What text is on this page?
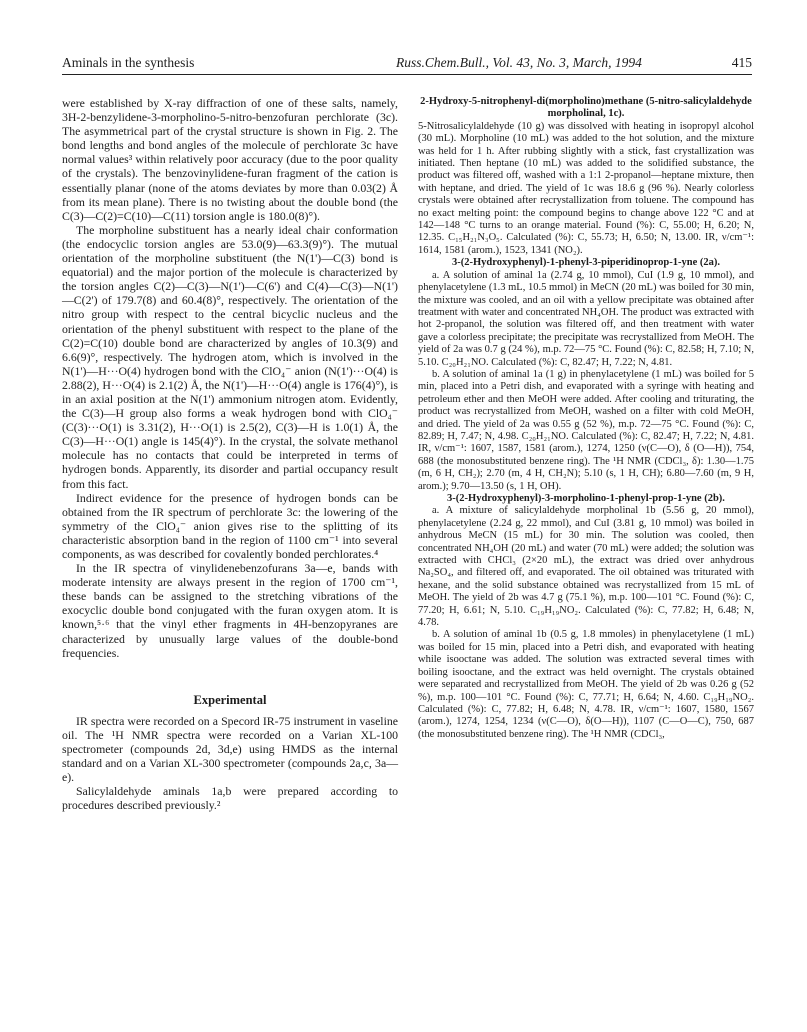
Aminals in the synthesis	Russ.Chem.Bull., Vol. 43, No. 3, March, 1994	415

were established by X-ray diffraction of one of these salts, namely, 3H-2-benzylidene-3-morpholino-5-nitro-benzofuran perchlorate (3c). The asymmetrical part of the crystal structure is shown in Fig. 2. The bond lengths and bond angles of the molecule of perchlorate 3c have normal values³ within relatively poor accuracy (due to the poor quality of the crystals). The benzovinylidene-furan fragment of the cation is essentially planar (none of the atoms deviates by more than 0.03(2) Å from its mean plane). There is no twisting about the double bond (the C(3)—C(2)=C(10)—C(11) torsion angle is 180.0(8)°).

The morpholine substituent has a nearly ideal chair conformation (the endocyclic torsion angles are 53.0(9)—63.3(9)°). The mutual orientation of the morpholine substituent (the N(1')—C(3) bond is equatorial) and the major portion of the molecule is characterized by the torsion angles C(2)—C(3)—N(1')—C(6') and C(4)—C(3)—N(1')—C(2') of 179.7(8) and 60.4(8)°, respectively. The orientation of the nitro group with respect to the central bicyclic nucleus and the orientation of the phenyl substituent with respect to the plane of the C(2)=C(10) double bond are characterized by angles of 10.3(9) and 6.6(9)°, respectively. The hydrogen atom, which is involved in the N(1')—H···O(4) hydrogen bond with the ClO₄⁻ anion (N(1')···O(4) is 2.88(2), H···O(4) is 2.1(2) Å, the N(1')—H···O(4) angle is 176(4)°), is in an axial position at the N(1') ammonium nitrogen atom. Evidently, the C(3)—H group also forms a weak hydrogen bond with ClO₄⁻ (C(3)···O(1) is 3.31(2), H···O(1) is 2.5(2), C(3)—H is 1.0(1) Å, the C(3)—H···O(1) angle is 145(4)°). In the crystal, the solvate methanol molecule has no contacts that could be interpreted in terms of hydrogen bonds. Apparently, its disorder and partial occupancy result from this fact.

Indirect evidence for the presence of hydrogen bonds can be obtained from the IR spectrum of perchlorate 3c: the lowering of the symmetry of the ClO₄⁻ anion gives rise to the splitting of its characteristic absorption band in the region of 1100 cm⁻¹ into several components, as was described for covalently bonded perchlorates.⁴

In the IR spectra of vinylidenebenzofurans 3a—e, bands with moderate intensity are always present in the region of 1700 cm⁻¹, these bands can be assigned to the stretching vibrations of the exocyclic double bond conjugated with the furan oxygen atom. It is known,⁵·⁶ that the vinyl ether fragments in 4H-benzopyranes are characterized by unusually large values of the double-bond frequencies.

Experimental

IR spectra were recorded on a Specord IR-75 instrument in vaseline oil. The ¹H NMR spectra were recorded on a Varian XL-100 spectrometer (compounds 2d, 3d,e) using HMDS as the internal standard and on a Varian XL-300 spectrometer (compounds 2a,c, 3a—e).

Salicylaldehyde aminals 1a,b were prepared according to procedures described previously.²

2-Hydroxy-5-nitrophenyl-di(morpholino)methane (5-nitro-salicylaldehyde morpholinal, 1c).

5-Nitrosalicylaldehyde (10 g) was dissolved with heating in isopropyl alcohol (30 mL). Morpholine (10 mL) was added to the hot solution, and the mixture was held for 1 h. After rubbing slightly with a stick, fast crystallization was initiated. Then heptane (10 mL) was added to the solidified substance, the product was filtered off, washed with a 1:1 2-propanol—heptane mixture, then with heptane, and dried. The yield of 1c was 18.6 g (96 %). Nearly colorless crystals were obtained after recrystallization from toluene. The compound has no exact melting point: the compound begins to change above 122 °C and at 142—148 °C turns to an orange material. Found (%): C, 55.00; H, 6.20; N, 12.35. C₁₅H₂₁N₃O₅. Calculated (%): C, 55.73; H, 6.50; N, 13.00. IR, ν/cm⁻¹: 1614, 1581 (arom.), 1523, 1341 (NO₂).

3-(2-Hydroxyphenyl)-1-phenyl-3-piperidinoprop-1-yne (2a).

a. A solution of aminal 1a (2.74 g, 10 mmol), CuI (1.9 g, 10 mmol), and phenylacetylene (1.3 mL, 10.5 mmol) in MeCN (20 mL) was boiled for 30 min, the mixture was cooled, and an oil with a yellow precipitate was obtained after treatment with water and concentrated NH₄OH. The product was extracted with hot 2-propanol, the solution was filtered off, and then treatment with water gave a colorless precipitate; the precipitate was recrystallized from MeOH. The yield of 2a was 0.7 g (24 %), m.p. 72—75 °C. Found (%): C, 82.58; H, 7.10; N, 5.10. C₂₀H₂₁NO. Calculated (%): C, 82.47; H, 7.22; N, 4.81.

b. A solution of aminal 1a (1 g) in phenylacetylene (1 mL) was boiled for 5 min, placed into a Petri dish, and evaporated with a syringe with heating and petroleum ether and then MeOH were added. After cooling and triturating, the product was recrystallized from MeOH, washed on a filter with cold MeOH, and dried. The yield of 2a was 0.55 g (52 %), m.p. 72—75 °C. Found (%): C, 82.89; H, 7.47; N, 4.98. C₂₀H₂₁NO. Calculated (%): C, 82.47; H, 7.22; N, 4.81. IR, ν/cm⁻¹: 1607, 1587, 1581 (arom.), 1274, 1250 (ν(C—O), δ (O—H)), 754, 688 (the monosubstituted benzene ring). The ¹H NMR (CDCl₃, δ): 1.30—1.75 (m, 6 H, CH₂); 2.70 (m, 4 H, CH₂N); 5.10 (s, 1 H, CH); 6.80—7.60 (m, 9 H, arom.); 9.70—13.50 (s, 1 H, OH).

3-(2-Hydroxyphenyl)-3-morpholino-1-phenyl-prop-1-yne (2b).

a. A mixture of salicylaldehyde morpholinal 1b (5.56 g, 20 mmol), phenylacetylene (2.24 g, 22 mmol), and CuI (3.81 g, 10 mmol) was boiled in anhydrous MeCN (15 mL) for 30 min. The solution was cooled, then concentrated NH₄OH (20 mL) and water (70 mL) were added; the solution was extracted with CHCl₃ (2×20 mL), the extract was dried over anhydrous Na₂SO₄, and filtered off, and evaporated. The oil obtained was triturated with hexane, and the solid substance obtained was recrystallized from 15 mL of MeOH. The yield of 2b was 4.7 g (75.1 %), m.p. 100—101 °C. Found (%): C, 77.20; H, 6.61; N, 5.10. C₁₉H₁₉NO₂. Calculated (%): C, 77.82; H, 6.48; N, 4.78.

b. A solution of aminal 1b (0.5 g, 1.8 mmoles) in phenylacetylene (1 mL) was boiled for 15 min, placed into a Petri dish, and evaporated with heating while isooctane was added. The solution was extracted several times with boiling isooctane, and the extract was held overnight. The crystals obtained were separated and recrystallized from MeOH. The yield of 2b was 0.26 g (52 %), m.p. 100—101 °C. Found (%): C, 77.71; H, 6.64; N, 4.60. C₁₉H₁₉NO₂. Calculated (%): C, 77.82; H, 6.48; N, 4.78. IR, ν/cm⁻¹: 1607, 1580, 1567 (arom.), 1274, 1254, 1234 (ν(C—O), δ(O—H)), 1107 (C—O—C), 750, 687 (the monosubstituted benzene ring). The ¹H NMR (CDCl₃,
